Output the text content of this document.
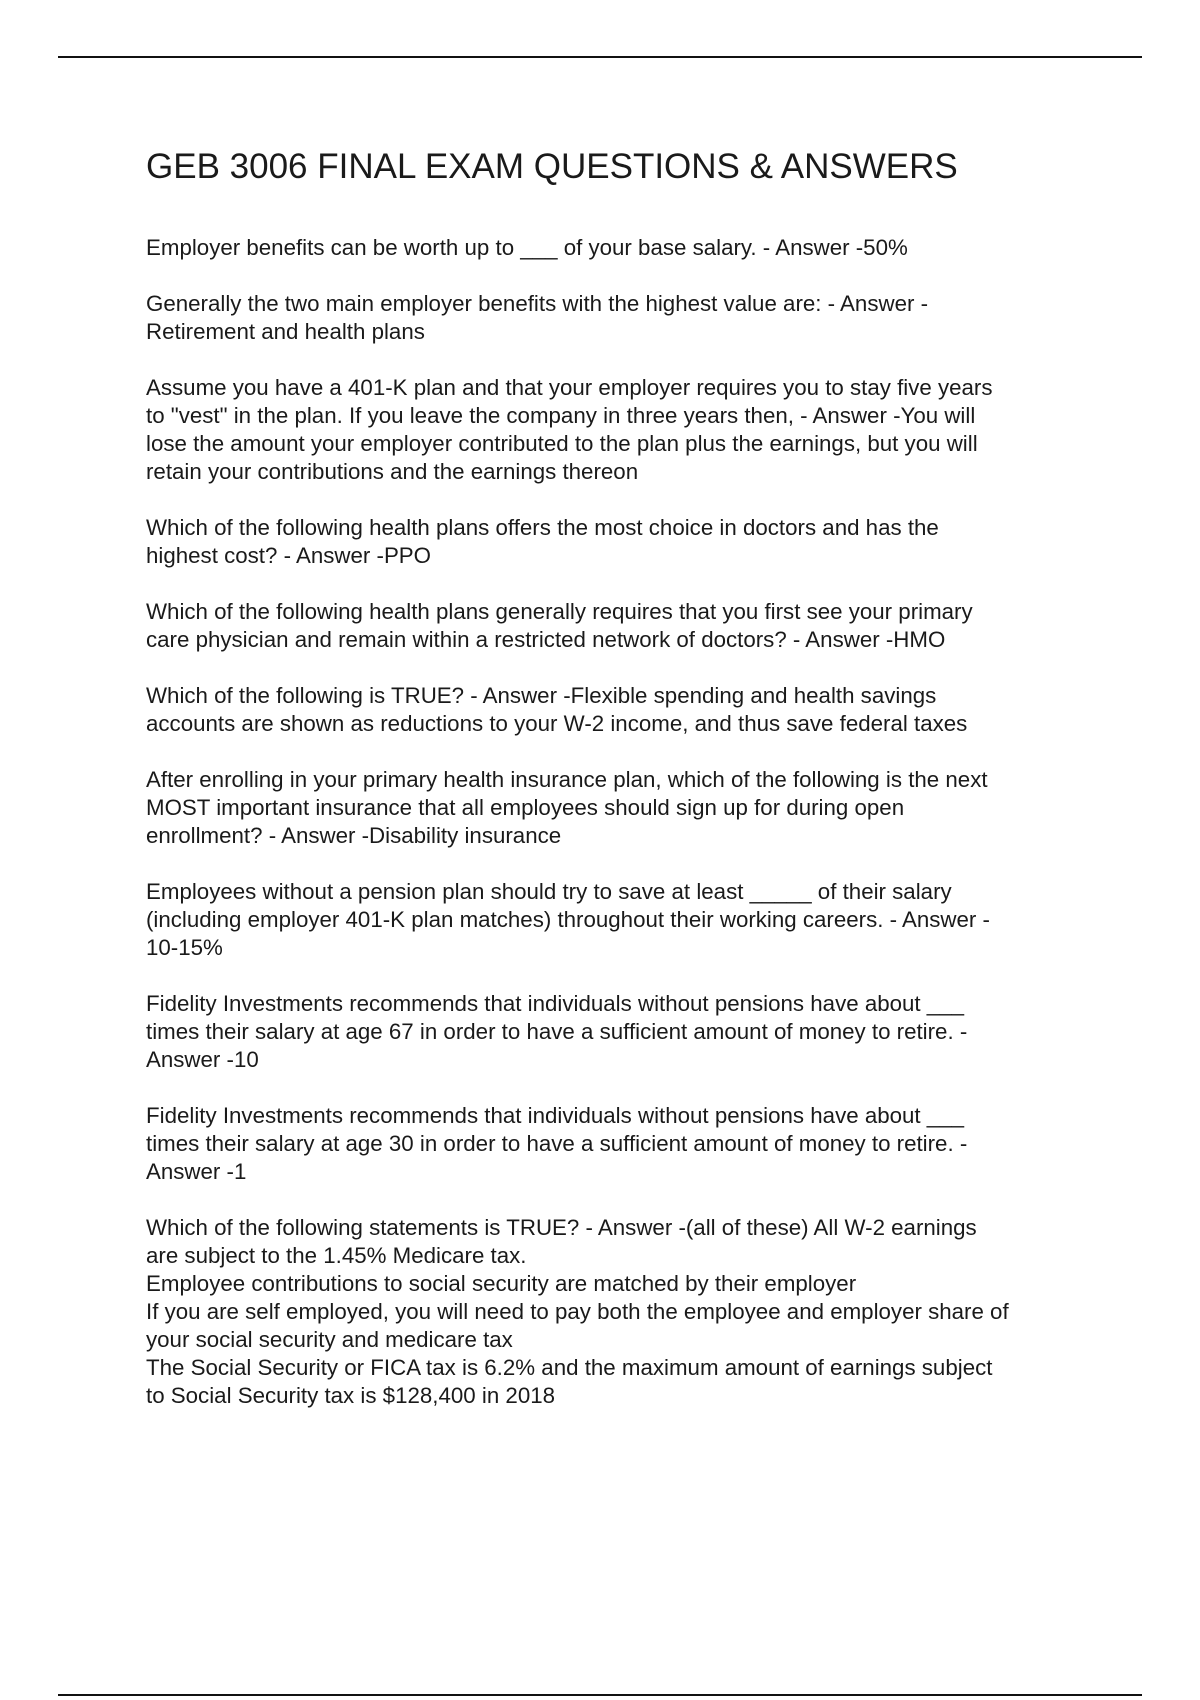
GEB 3006 FINAL EXAM QUESTIONS & ANSWERS

Employer benefits can be worth up to ___ of your base salary. - Answer -50%

Generally the two main employer benefits with the highest value are: - Answer -
Retirement and health plans

Assume you have a 401-K plan and that your employer requires you to stay five years
to "vest" in the plan. If you leave the company in three years then, - Answer -You will
lose the amount your employer contributed to the plan plus the earnings, but you will
retain your contributions and the earnings thereon

Which of the following health plans offers the most choice in doctors and has the
highest cost? - Answer -PPO

Which of the following health plans generally requires that you first see your primary
care physician and remain within a restricted network of doctors? - Answer -HMO

Which of the following is TRUE? - Answer -Flexible spending and health savings
accounts are shown as reductions to your W-2 income, and thus save federal taxes

After enrolling in your primary health insurance plan, which of the following is the next
MOST important insurance that all employees should sign up for during open
enrollment? - Answer -Disability insurance

Employees without a pension plan should try to save at least _____ of their salary
(including employer 401-K plan matches) throughout their working careers. - Answer -
10-15%

Fidelity Investments recommends that individuals without pensions have about ___
times their salary at age 67 in order to have a sufficient amount of money to retire. -
Answer -10

Fidelity Investments recommends that individuals without pensions have about ___
times their salary at age 30 in order to have a sufficient amount of money to retire. -
Answer -1

Which of the following statements is TRUE? - Answer -(all of these) All W-2 earnings
are subject to the 1.45% Medicare tax.
Employee contributions to social security are matched by their employer
If you are self employed, you will need to pay both the employee and employer share of
your social security and medicare tax
The Social Security or FICA tax is 6.2% and the maximum amount of earnings subject
to Social Security tax is $128,400 in 2018
